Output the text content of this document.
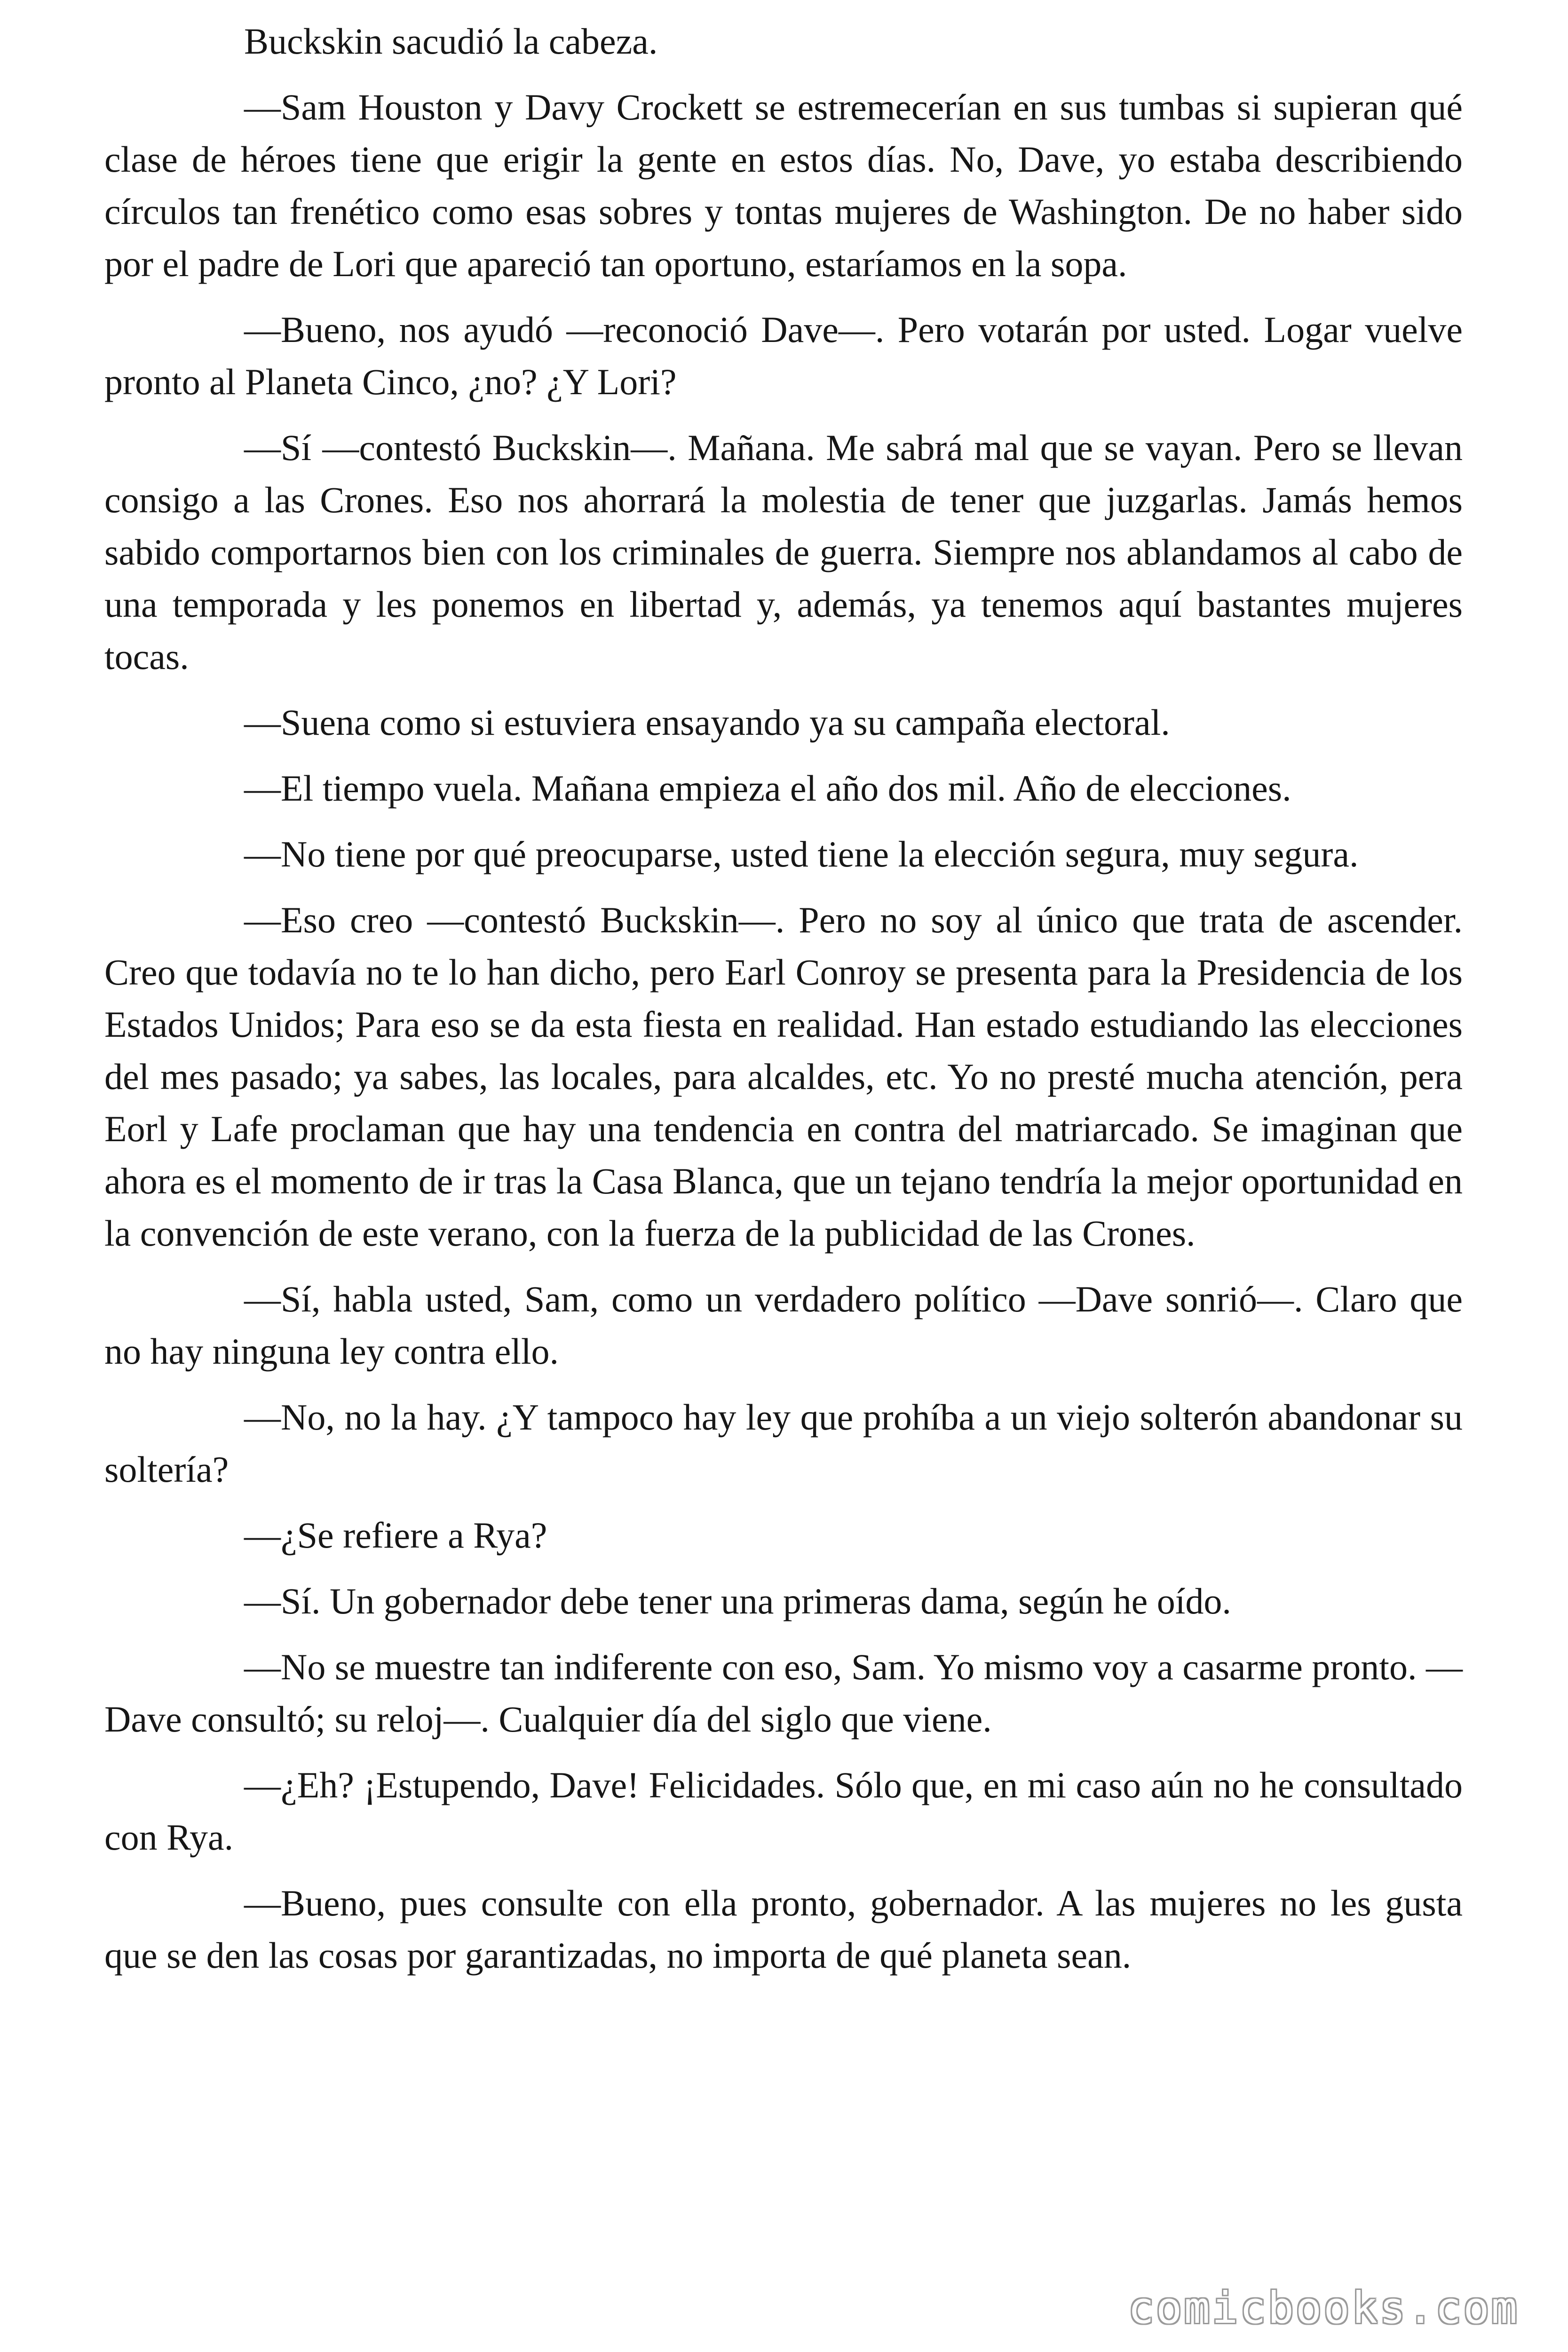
Buckskin sacudió la cabeza.

—Sam Houston y Davy Crockett se estremecerían en sus tumbas si supieran qué clase de héroes tiene que erigir la gente en estos días. No, Dave, yo estaba describiendo círculos tan frenético como esas sobres y tontas mujeres de Washington. De no haber sido por el padre de Lori que apareció tan oportuno, estaríamos en la sopa.

—Bueno, nos ayudó —reconoció Dave—. Pero votarán por usted. Logar vuelve pronto al Planeta Cinco, ¿no? ¿Y Lori?

—Sí —contestó Buckskin—. Mañana. Me sabrá mal que se vayan. Pero se llevan consigo a las Crones. Eso nos ahorrará la molestia de tener que juzgarlas. Jamás hemos sabido comportarnos bien con los criminales de guerra. Siempre nos ablandamos al cabo de una temporada y les ponemos en libertad y, además, ya tenemos aquí bastantes mujeres tocas.

—Suena como si estuviera ensayando ya su campaña electoral.

—El tiempo vuela. Mañana empieza el año dos mil. Año de elecciones.

—No tiene por qué preocuparse, usted tiene la elección segura, muy segura.

—Eso creo —contestó Buckskin—. Pero no soy al único que trata de ascender. Creo que todavía no te lo han dicho, pero Earl Conroy se presenta para la Presidencia de los Estados Unidos; Para eso se da esta fiesta en realidad. Han estado estudiando las elecciones del mes pasado; ya sabes, las locales, para alcaldes, etc. Yo no presté mucha atención, pera Eorl y Lafe proclaman que hay una tendencia en contra del matriarcado. Se imaginan que ahora es el momento de ir tras la Casa Blanca, que un tejano tendría la mejor oportunidad en la convención de este verano, con la fuerza de la publicidad de las Crones.

—Sí, habla usted, Sam, como un verdadero político —Dave sonrió—. Claro que no hay ninguna ley contra ello.

—No, no la hay. ¿Y tampoco hay ley que prohíba a un viejo solterón abandonar su soltería?

—¿Se refiere a Rya?

—Sí. Un gobernador debe tener una primeras dama, según he oído.

—No se muestre tan indiferente con eso, Sam. Yo mismo voy a casarme pronto. — Dave consultó; su reloj—. Cualquier día del siglo que viene.

—¿Eh? ¡Estupendo, Dave! Felicidades. Sólo que, en mi caso aún no he consultado con Rya.

—Bueno, pues consulte con ella pronto, gobernador. A las mujeres no les gusta que se den las cosas por garantizadas, no importa de qué planeta sean.

comicbooks.com
